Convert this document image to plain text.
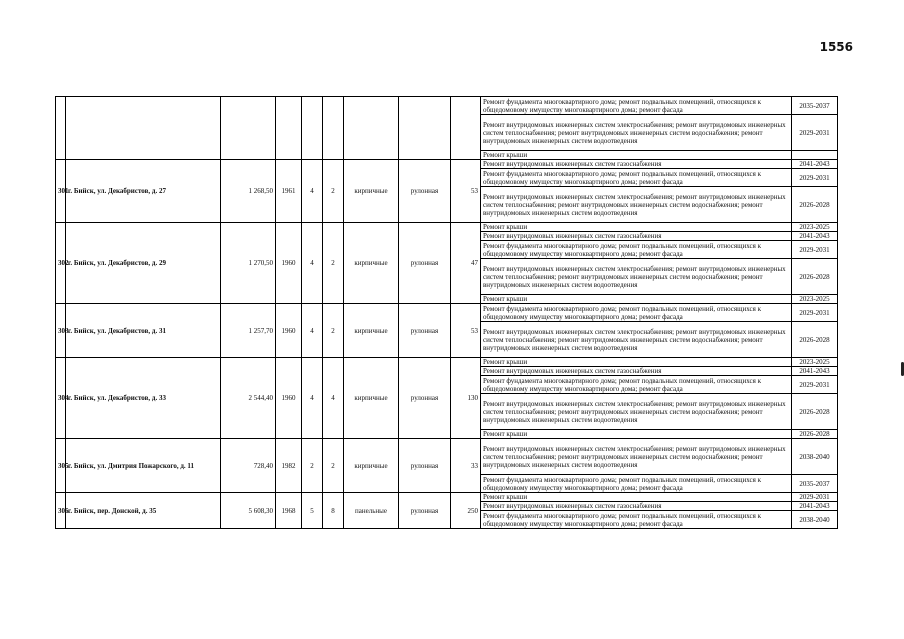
1556
									Ремонт фундамента многоквартирного дома; ремонт подвальных помещений, относящихся к общедомовому имуществу многоквартирного дома; ремонт фасада	2035-2037
									Ремонт внутридомовых инженерных систем электроснабжения; ремонт внутридомовых инженерных систем теплоснабжения; ремонт внутридомовых инженерных систем водоснабжения; ремонт внутридомовых инженерных систем водоотведения	2029-2031
									Ремонт крыши	
301	г. Бийск, ул. Декабристов, д. 27	1 268,50	1961	4	2	кирпичные	рулонная	53	Ремонт внутридомовых инженерных систем газоснабжения	2041-2043
									Ремонт фундамента многоквартирного дома; ремонт подвальных помещений, относящихся к общедомовому имуществу многоквартирного дома; ремонт фасада	2029-2031
									Ремонт внутридомовых инженерных систем электроснабжения; ремонт внутридомовых инженерных систем теплоснабжения; ремонт внутридомовых инженерных систем водоснабжения; ремонт внутридомовых инженерных систем водоотведения	2026-2028
302	г. Бийск, ул. Декабристов, д. 29	1 270,50	1960	4	2	кирпичные	рулонная	47	Ремонт крыши	2023-2025
									Ремонт внутридомовых инженерных систем газоснабжения	2041-2043
									Ремонт фундамента многоквартирного дома; ремонт подвальных помещений, относящихся к общедомовому имуществу многоквартирного дома; ремонт фасада	2029-2031
									Ремонт внутридомовых инженерных систем электроснабжения; ремонт внутридомовых инженерных систем теплоснабжения; ремонт внутридомовых инженерных систем водоснабжения; ремонт внутридомовых инженерных систем водоотведения	2026-2028
									Ремонт крыши	2023-2025
303	г. Бийск, ул. Декабристов, д. 31	1 257,70	1960	4	2	кирпичные	рулонная	53	Ремонт фундамента многоквартирного дома; ремонт подвальных помещений, относящихся к общедомовому имуществу многоквартирного дома; ремонт фасада	2029-2031
									Ремонт внутридомовых инженерных систем электроснабжения; ремонт внутридомовых инженерных систем теплоснабжения; ремонт внутридомовых инженерных систем водоснабжения; ремонт внутридомовых инженерных систем водоотведения	2026-2028
304	г. Бийск, ул. Декабристов, д. 33	2 544,40	1960	4	4	кирпичные	рулонная	130	Ремонт крыши	2023-2025
									Ремонт внутридомовых инженерных систем газоснабжения	2041-2043
									Ремонт фундамента многоквартирного дома; ремонт подвальных помещений, относящихся к общедомовому имуществу многоквартирного дома; ремонт фасада	2029-2031
									Ремонт внутридомовых инженерных систем электроснабжения; ремонт внутридомовых инженерных систем теплоснабжения; ремонт внутридомовых инженерных систем водоснабжения; ремонт внутридомовых инженерных систем водоотведения	2026-2028
									Ремонт крыши	2026-2028
305	г. Бийск, ул. Дмитрия Пожарского, д. 11	728,40	1982	2	2	кирпичные	рулонная	33	Ремонт внутридомовых инженерных систем электроснабжения; ремонт внутридомовых инженерных систем теплоснабжения; ремонт внутридомовых инженерных систем водоснабжения; ремонт внутридомовых инженерных систем водоотведения	2038-2040
									Ремонт фундамента многоквартирного дома; ремонт подвальных помещений, относящихся к общедомовому имуществу многоквартирного дома; ремонт фасада	2035-2037
306	г. Бийск, пер. Донской, д. 35	5 608,30	1968	5	8	панельные	рулонная	250	Ремонт крыши	2029-2031
									Ремонт внутридомовых инженерных систем газоснабжения	2041-2043
									Ремонт фундамента многоквартирного дома; ремонт подвальных помещений, относящихся к общедомовому имуществу многоквартирного дома; ремонт фасада	2038-2040
